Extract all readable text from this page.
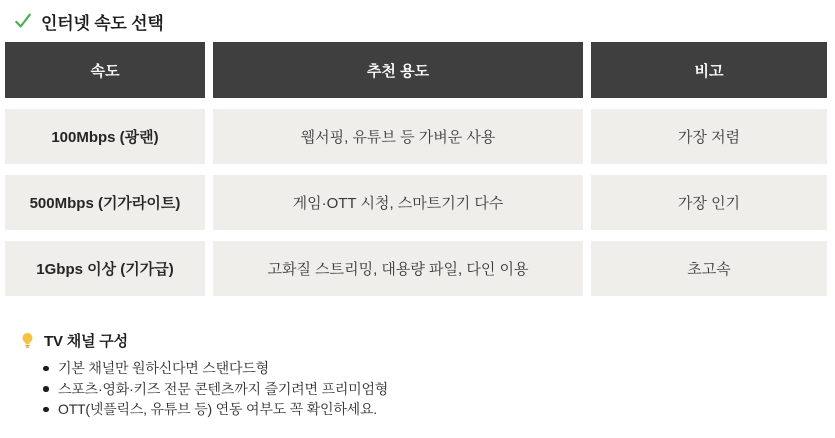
인터넷 속도 선택
속도	추천 용도	비고
100Mbps (광랜)	웹서핑, 유튜브 등 가벼운 사용	가장 저렴
500Mbps (기가라이트)	게임·OTT 시청, 스마트기기 다수	가장 인기
1Gbps 이상 (기가급)	고화질 스트리밍, 대용량 파일, 다인 이용	초고속
TV 채널 구성
기본 채널만 원하신다면 스탠다드형
스포츠·영화·키즈 전문 콘텐츠까지 즐기려면 프리미엄형
OTT(넷플릭스, 유튜브 등) 연동 여부도 꼭 확인하세요.
